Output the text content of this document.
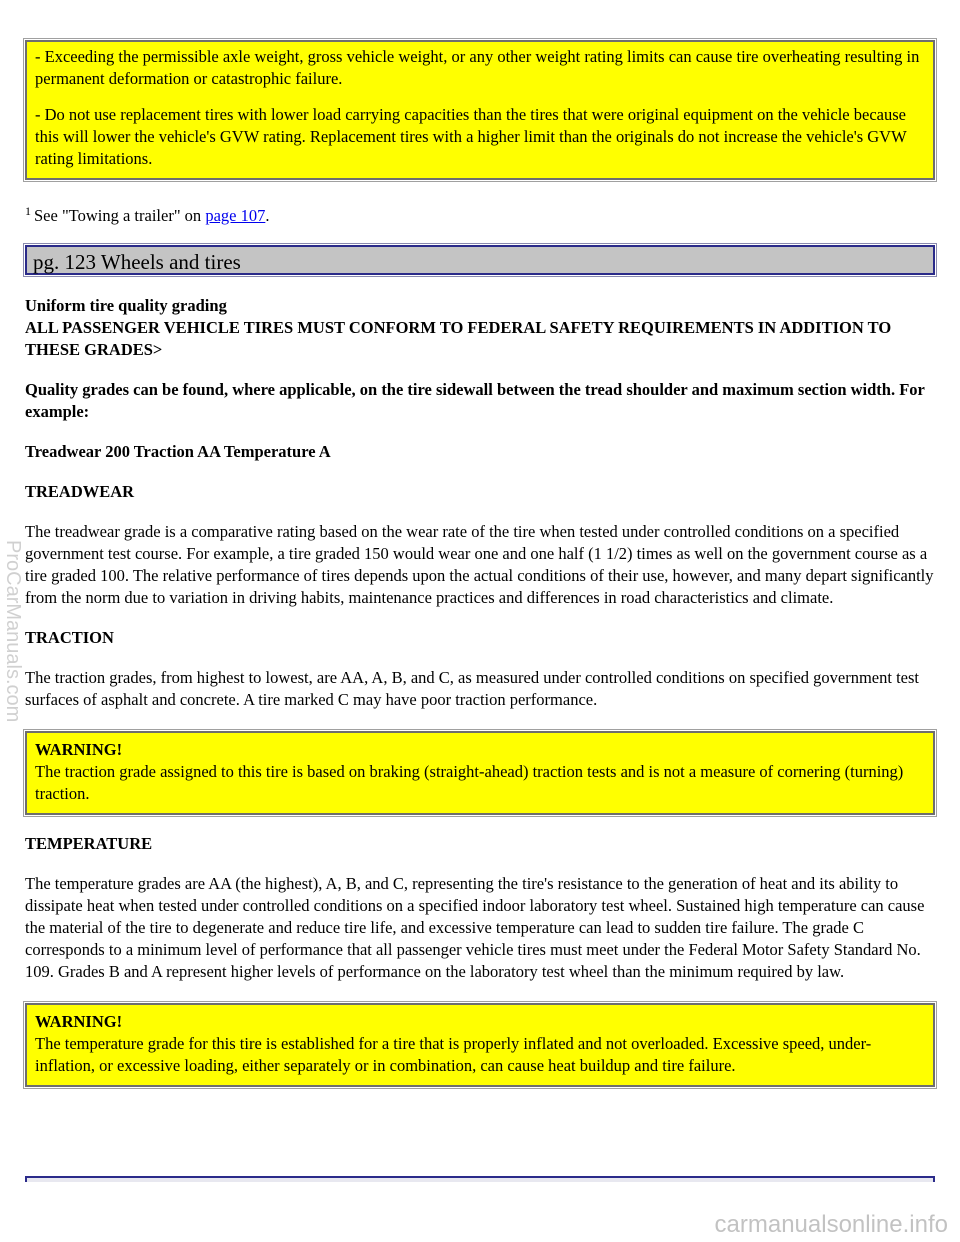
- Exceeding the permissible axle weight, gross vehicle weight, or any other weight rating limits can cause tire overheating resulting in permanent deformation or catastrophic failure.

- Do not use replacement tires with lower load carrying capacities than the tires that were original equipment on the vehicle because this will lower the vehicle's GVW rating. Replacement tires with a higher limit than the originals do not increase the vehicle's GVW rating limitations.

$^1$ See "Towing a trailer" on page 107.

pg. 123 Wheels and tires

Uniform tire quality grading
ALL PASSENGER VEHICLE TIRES MUST CONFORM TO FEDERAL SAFETY REQUIREMENTS IN ADDITION TO THESE GRADES>

Quality grades can be found, where applicable, on the tire sidewall between the tread shoulder and maximum section width. For example:

Treadwear 200 Traction AA Temperature A

TREADWEAR

The treadwear grade is a comparative rating based on the wear rate of the tire when tested under controlled conditions on a specified government test course. For example, a tire graded 150 would wear one and one half (1 1/2) times as well on the government course as a tire graded 100. The relative performance of tires depends upon the actual conditions of their use, however, and many depart significantly from the norm due to variation in driving habits, maintenance practices and differences in road characteristics and climate.

TRACTION

The traction grades, from highest to lowest, are AA, A, B, and C, as measured under controlled conditions on specified government test surfaces of asphalt and concrete. A tire marked C may have poor traction performance.

WARNING!

The traction grade assigned to this tire is based on braking (straight-ahead) traction tests and is not a measure of cornering (turning) traction.

TEMPERATURE

The temperature grades are AA (the highest), A, B, and C, representing the tire's resistance to the generation of heat and its ability to dissipate heat when tested under controlled conditions on a specified indoor laboratory test wheel. Sustained high temperature can cause the material of the tire to degenerate and reduce tire life, and excessive temperature can lead to sudden tire failure. The grade C corresponds to a minimum level of performance that all passenger vehicle tires must meet under the Federal Motor Safety Standard No. 109. Grades B and A represent higher levels of performance on the laboratory test wheel than the minimum required by law.

WARNING!

The temperature grade for this tire is established for a tire that is properly inflated and not overloaded. Excessive speed, under-inflation, or excessive loading, either separately or in combination, can cause heat buildup and tire failure.

ProCarManuals.com
carmanualsonline.info
